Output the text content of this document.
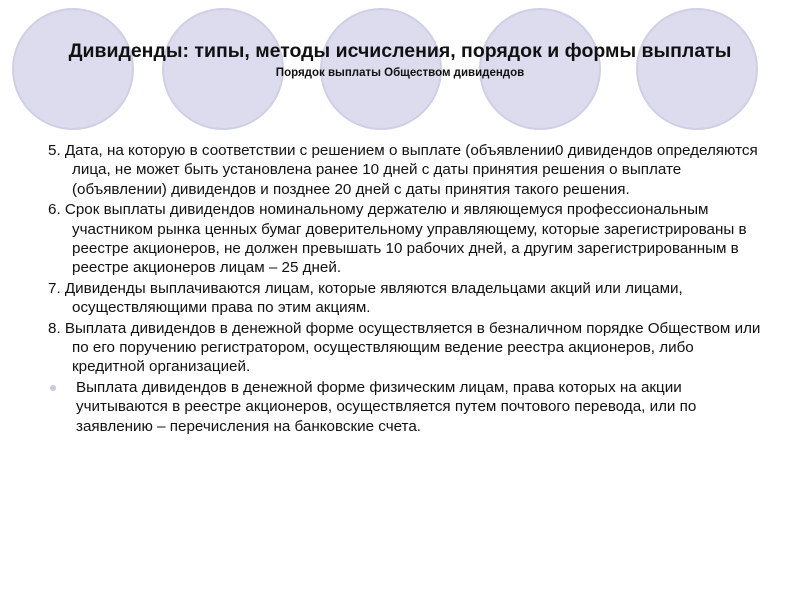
Дивиденды: типы, методы исчисления, порядок и формы выплаты
Порядок выплаты Обществом дивидендов
5. Дата, на которую в соответствии с решением о выплате (объявлении0 дивидендов определяются лица, не может быть установлена ранее 10 дней с даты принятия решения о выплате (объявлении) дивидендов и позднее 20 дней с даты принятия такого решения.
6. Срок выплаты дивидендов номинальному держателю и являющемуся профессиональным участником рынка ценных бумаг доверительному управляющему, которые зарегистрированы в реестре акционеров, не должен превышать 10 рабочих дней, а другим зарегистрированным в реестре акционеров лицам – 25 дней.
7. Дивиденды выплачиваются лицам, которые являются владельцами акций или лицами, осуществляющими права по этим акциям.
8. Выплата дивидендов в денежной форме осуществляется в безналичном порядке Обществом или по его поручению регистратором, осуществляющим ведение реестра акционеров, либо кредитной организацией.
Выплата дивидендов в денежной форме физическим лицам, права которых на акции учитываются в реестре акционеров, осуществляется путем почтового перевода, или по заявлению – перечисления на банковские счета.
